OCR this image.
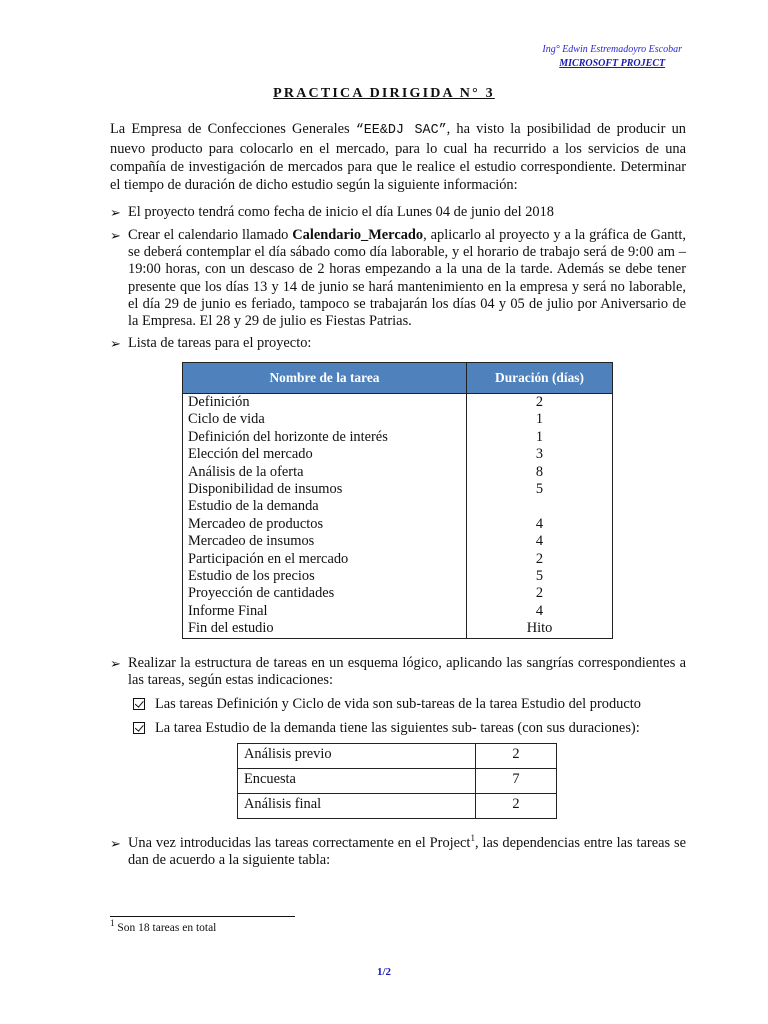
Ing° Edwin Estremadoyro Escobar
MICROSOFT PROJECT
PRACTICA DIRIGIDA N° 3
La Empresa de Confecciones Generales “EE&DJ SAC”, ha visto la posibilidad de producir un nuevo producto para colocarlo en el mercado, para lo cual ha recurrido a los servicios de una compañía de investigación de mercados para que le realice el estudio correspondiente. Determinar el tiempo de duración de dicho estudio según la siguiente información:
➢ El proyecto tendrá como fecha de inicio el día Lunes 04 de junio del 2018
➢ Crear el calendario llamado Calendario_Mercado, aplicarlo al proyecto y a la gráfica de Gantt, se deberá contemplar el día sábado como día laborable, y el horario de trabajo será de 9:00 am – 19:00 horas, con un descaso de 2 horas empezando a la una de la tarde. Además se debe tener presente que los días 13 y 14 de junio se hará mantenimiento en la empresa y será no laborable, el día 29 de junio es feriado, tampoco se trabajarán los días 04 y 05 de julio por Aniversario de la Empresa. El 28 y 29 de julio es Fiestas Patrias.
➢ Lista de tareas para el proyecto:
Nombre de la tarea	Duración (días)
Definición	2
Ciclo de vida	1
Definición del horizonte de interés	1
Elección del mercado	3
Análisis de la oferta	8
Disponibilidad de insumos	5
Estudio de la demanda	
Mercadeo de productos	4
Mercadeo de insumos	4
Participación en el mercado	2
Estudio de los precios	5
Proyección de cantidades	2
Informe Final	4
Fin del estudio	Hito
➢ Realizar la estructura de tareas en un esquema lógico, aplicando las sangrías correspondientes a las tareas, según estas indicaciones:
Las tareas Definición y Ciclo de vida son sub-tareas de la tarea Estudio del producto
La tarea Estudio de la demanda tiene las siguientes sub- tareas (con sus duraciones):
Análisis previo	2
Encuesta	7
Análisis final	2
➢ Una vez introducidas las tareas correctamente en el Project$^1$, las dependencias entre las tareas se dan de acuerdo a la siguiente tabla:
$^1$ Son 18 tareas en total
1/2
